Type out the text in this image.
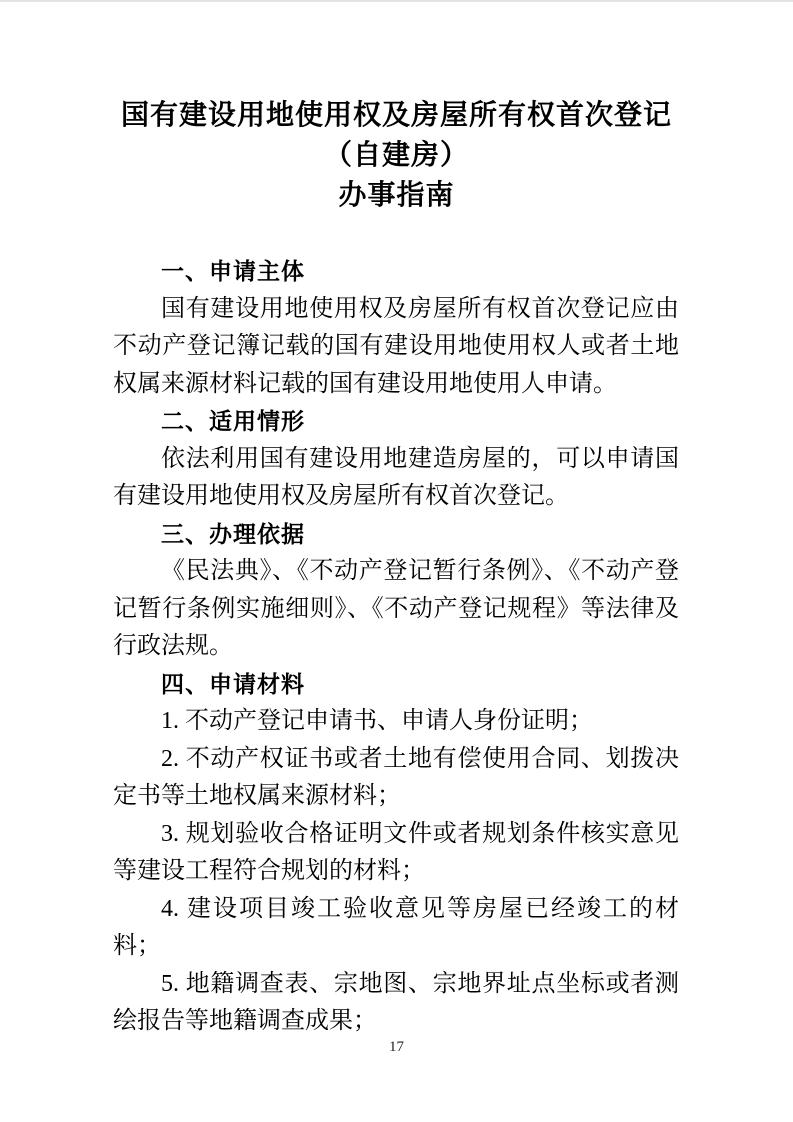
国有建设用地使用权及房屋所有权首次登记
（自建房）
办事指南
一、申请主体

国有建设用地使用权及房屋所有权首次登记应由不动产登记簿记载的国有建设用地使用权人或者土地权属来源材料记载的国有建设用地使用人申请。

二、适用情形

依法利用国有建设用地建造房屋的，可以申请国有建设用地使用权及房屋所有权首次登记。

三、办理依据

《民法典》、《不动产登记暂行条例》、《不动产登记暂行条例实施细则》、《不动产登记规程》等法律及行政法规。

四、申请材料

1. 不动产登记申请书、申请人身份证明；

2. 不动产权证书或者土地有偿使用合同、划拨决定书等土地权属来源材料；

3. 规划验收合格证明文件或者规划条件核实意见等建设工程符合规划的材料；

4. 建设项目竣工验收意见等房屋已经竣工的材料；

5. 地籍调查表、宗地图、宗地界址点坐标或者测绘报告等地籍调查成果；

17
